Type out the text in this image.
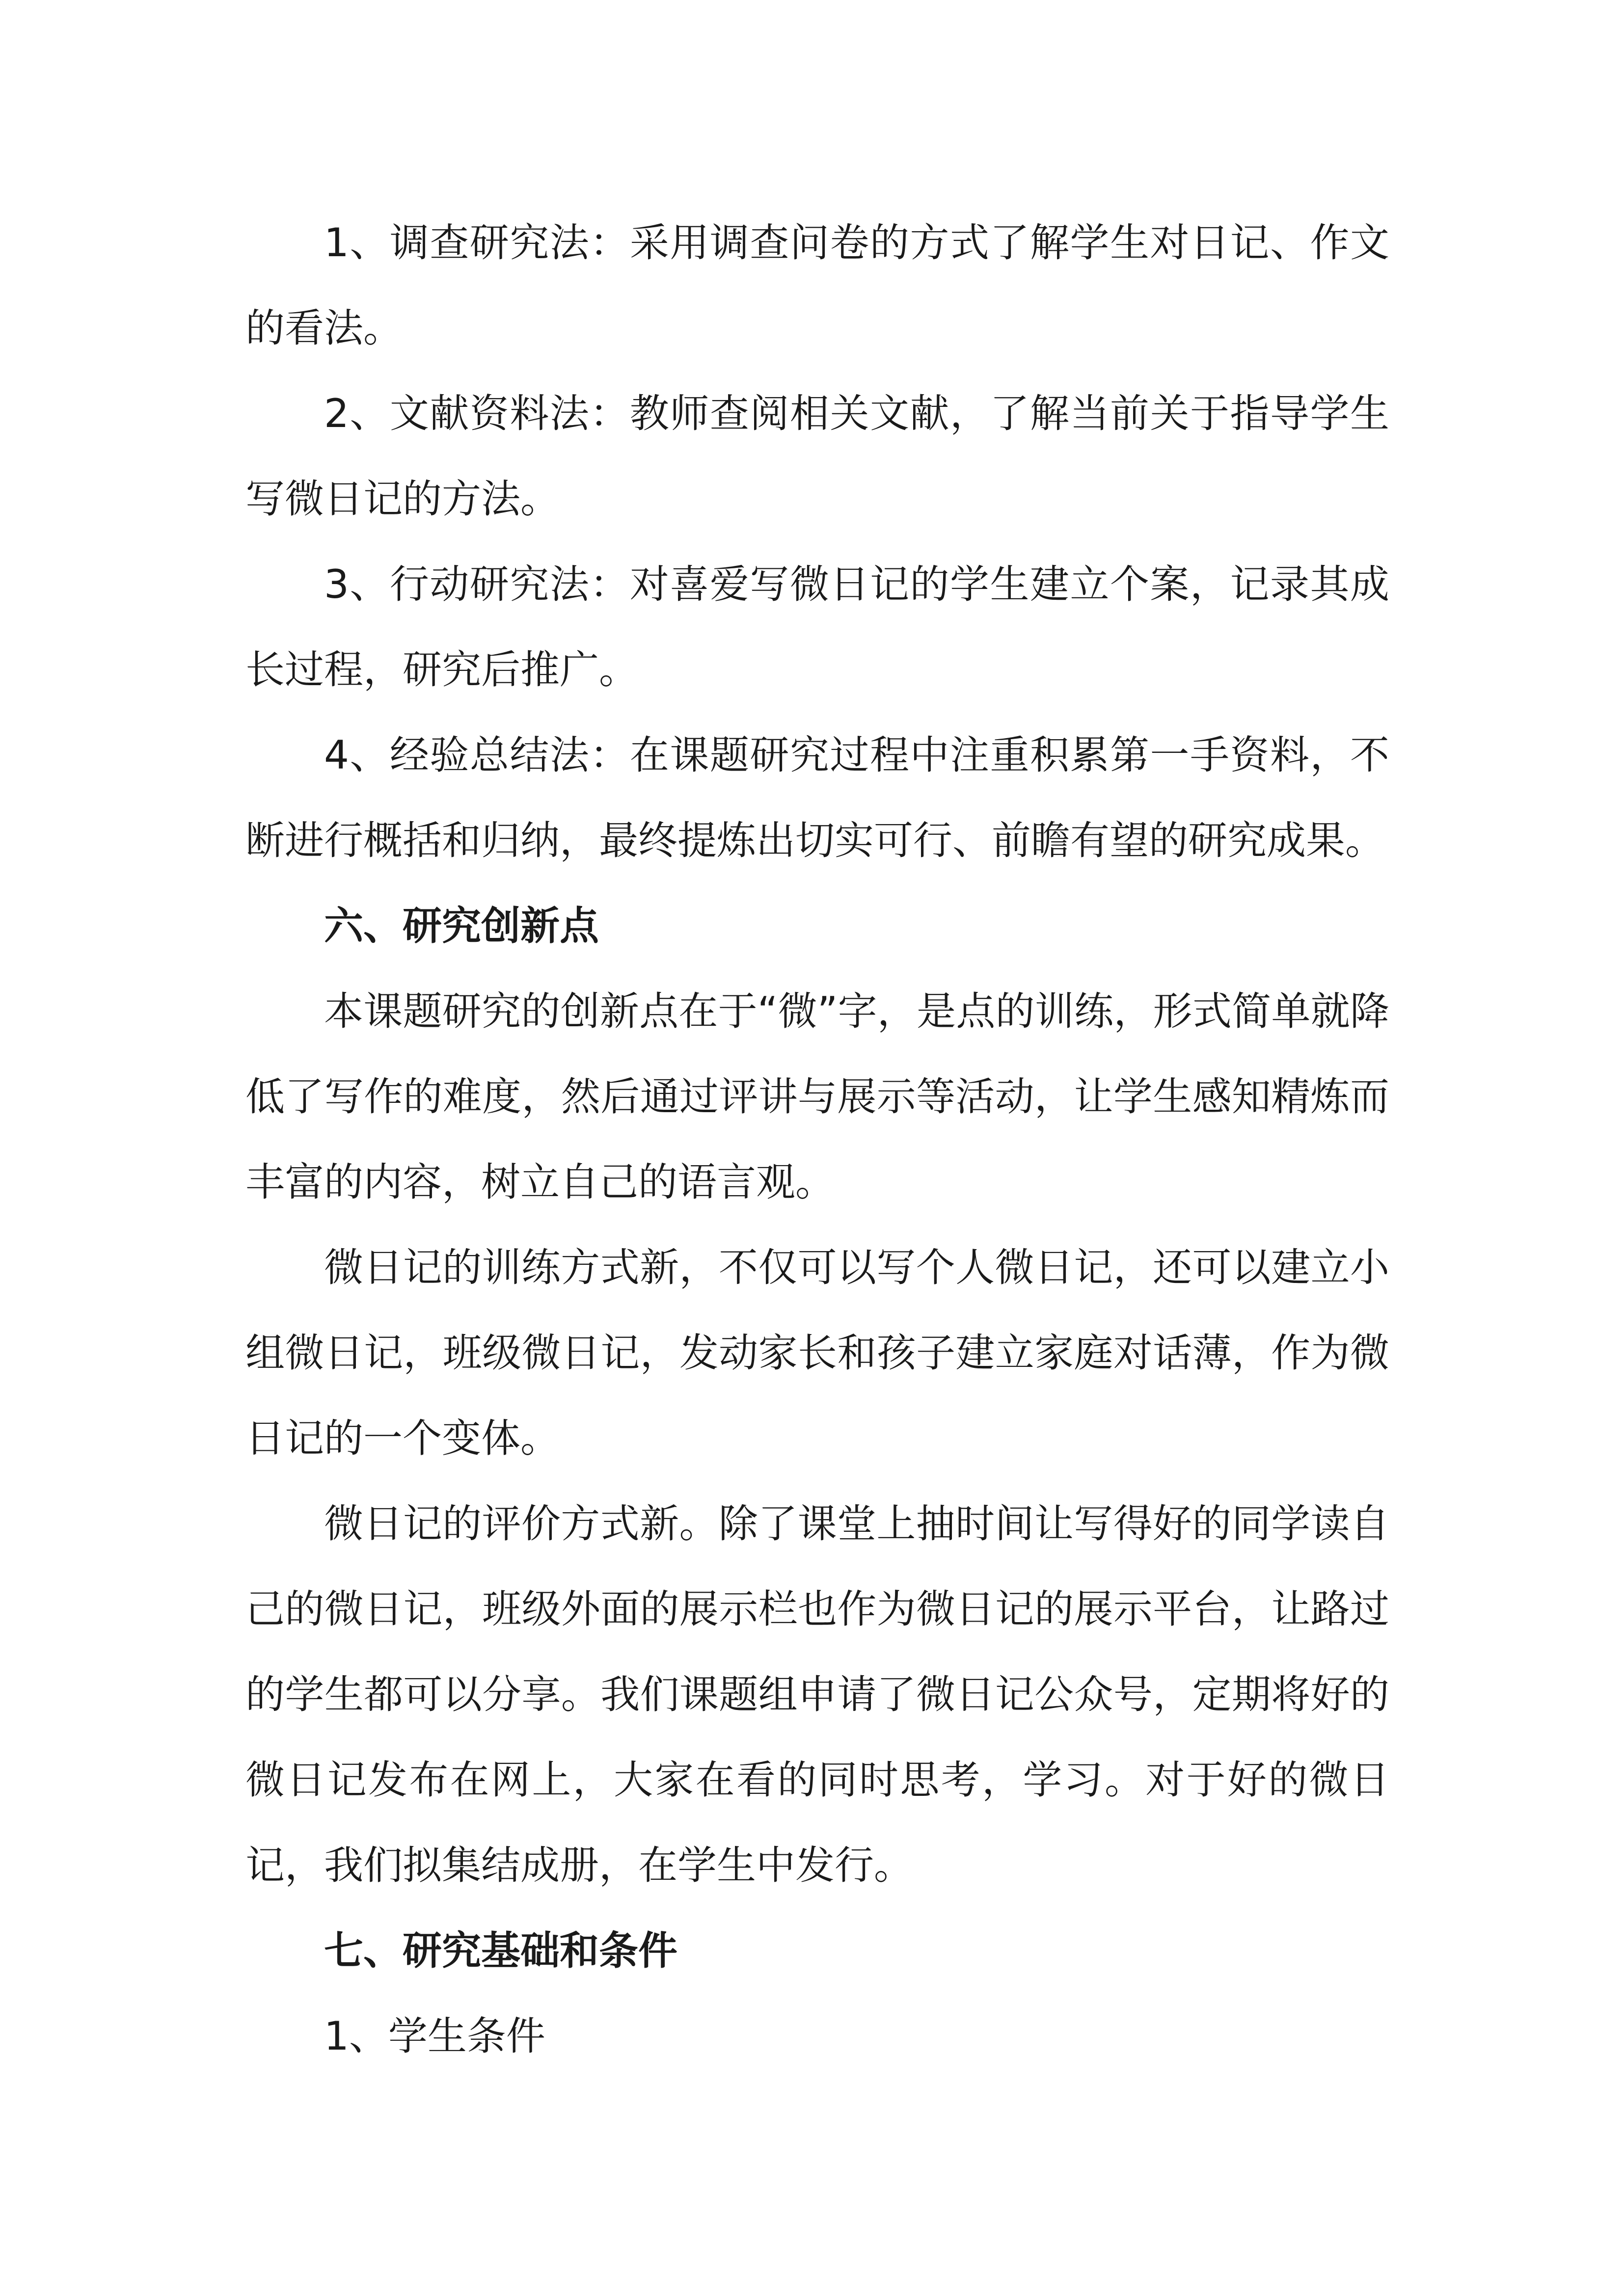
1、调查研究法：采用调查问卷的方式了解学生对日记、作文的看法。

2、文献资料法：教师查阅相关文献，了解当前关于指导学生写微日记的方法。

3、行动研究法：对喜爱写微日记的学生建立个案，记录其成长过程，研究后推广。

4、经验总结法：在课题研究过程中注重积累第一手资料，不断进行概括和归纳，最终提炼出切实可行、前瞻有望的研究成果。

六、研究创新点

本课题研究的创新点在于“微”字，是点的训练，形式简单就降低了写作的难度，然后通过评讲与展示等活动，让学生感知精炼而丰富的内容，树立自己的语言观。

微日记的训练方式新，不仅可以写个人微日记，还可以建立小组微日记，班级微日记，发动家长和孩子建立家庭对话薄，作为微日记的一个变体。

微日记的评价方式新。除了课堂上抽时间让写得好的同学读自己的微日记，班级外面的展示栏也作为微日记的展示平台，让路过的学生都可以分享。我们课题组申请了微日记公众号，定期将好的微日记发布在网上，大家在看的同时思考，学习。对于好的微日记，我们拟集结成册，在学生中发行。

七、研究基础和条件

1、学生条件
